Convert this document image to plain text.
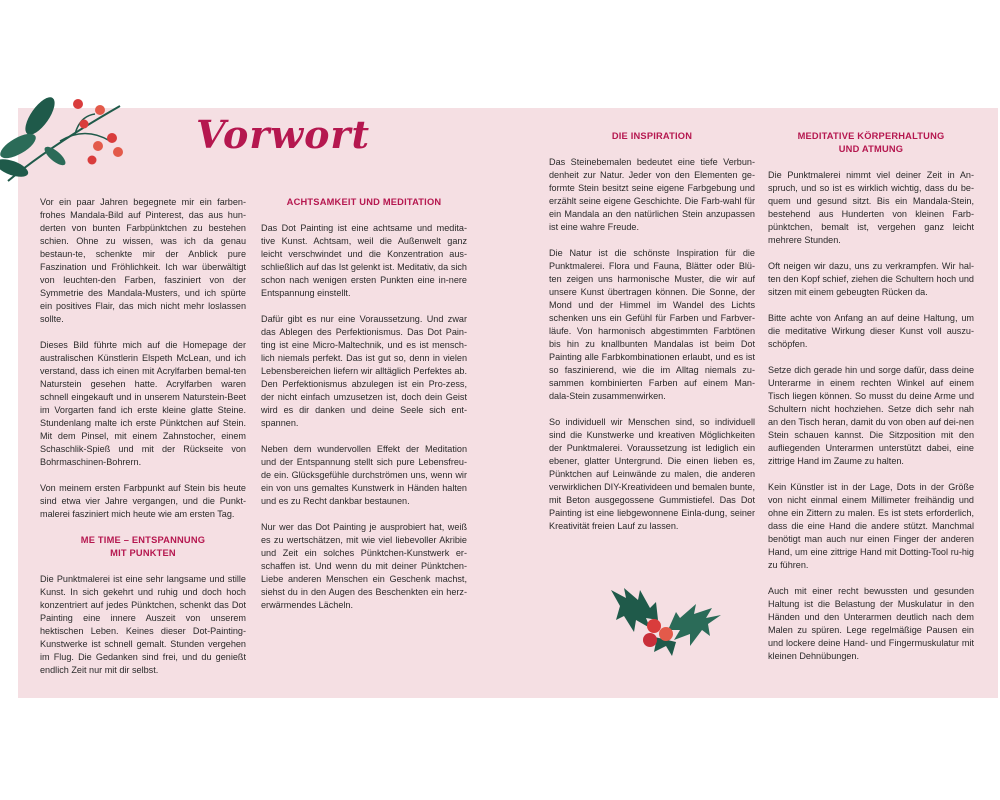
Vorwort

Vor ein paar Jahren begegnete mir ein farben-frohes Mandala-Bild auf Pinterest, das aus hun-derten von bunten Farbpünktchen zu bestehen schien. Ohne zu wissen, was ich da genau bestaun-te, schenkte mir der Anblick pure Faszination und Fröhlichkeit. Ich war überwältigt von leuchten-den Farben, fasziniert von der Symmetrie des Mandala-Musters, und ich spürte ein positives Flair, das mich nicht mehr loslassen sollte.

Dieses Bild führte mich auf die Homepage der australischen Künstlerin Elspeth McLean, und ich verstand, dass ich einen mit Acrylfarben bemal-ten Naturstein gesehen hatte. Acrylfarben waren schnell eingekauft und in unserem Naturstein-Beet im Vorgarten fand ich erste kleine glatte Steine. Stundenlang malte ich erste Pünktchen auf Stein. Mit dem Pinsel, mit einem Zahnstocher, einem Schaschlik-Spieß und mit der Rückseite von Bohrmaschinen-Bohrern.

Von meinem ersten Farbpunkt auf Stein bis heute sind etwa vier Jahre vergangen, und die Punkt-malerei fasziniert mich heute wie am ersten Tag.

ME TIME – ENTSPANNUNG MIT PUNKTEN

Die Punktmalerei ist eine sehr langsame und stille Kunst. In sich gekehrt und ruhig und doch hoch konzentriert auf jedes Pünktchen, schenkt das Dot Painting eine innere Auszeit von unserem hektischen Leben. Keines dieser Dot-Painting-Kunstwerke ist schnell gemalt. Stunden vergehen im Flug. Die Gedanken sind frei, und du genießt endlich Zeit nur mit dir selbst.

ACHTSAMKEIT UND MEDITATION

Das Dot Painting ist eine achtsame und medita-tive Kunst. Achtsam, weil die Außenwelt ganz leicht verschwindet und die Konzentration aus-schließlich auf das Ist gelenkt ist. Meditativ, da sich schon nach wenigen ersten Punkten eine in-nere Entspannung einstellt.

Dafür gibt es nur eine Voraussetzung. Und zwar das Ablegen des Perfektionismus. Das Dot Pain-ting ist eine Micro-Maltechnik, und es ist mensch-lich niemals perfekt. Das ist gut so, denn in vielen Lebensbereichen liefern wir alltäglich Perfektes ab. Den Perfektionismus abzulegen ist ein Pro-zess, der nicht einfach umzusetzen ist, doch dein Geist wird es dir danken und deine Seele sich ent-spannen.

Neben dem wundervollen Effekt der Meditation und der Entspannung stellt sich pure Lebensfreu-de ein. Glücksgefühle durchströmen uns, wenn wir ein von uns gemaltes Kunstwerk in Händen halten und es zu Recht dankbar bestaunen.

Nur wer das Dot Painting je ausprobiert hat, weiß es zu wertschätzen, mit wie viel liebevoller Akribie und Zeit ein solches Pünktchen-Kunstwerk er-schaffen ist. Und wenn du mit deiner Pünktchen-Liebe anderen Menschen ein Geschenk machst, siehst du in den Augen des Beschenkten ein herz-erwärmendes Lächeln.

DIE INSPIRATION

Das Steinebemalen bedeutet eine tiefe Verbun-denheit zur Natur. Jeder von den Elementen ge-formte Stein besitzt seine eigene Farbgebung und erzählt seine eigene Geschichte. Die Farb-wahl für ein Mandala an den natürlichen Stein anzupassen ist eine wahre Freude.

Die Natur ist die schönste Inspiration für die Punktmalerei. Flora und Fauna, Blätter oder Blü-ten zeigen uns harmonische Muster, die wir auf unsere Kunst übertragen können. Die Sonne, der Mond und der Himmel im Wandel des Lichts schenken uns ein Gefühl für Farben und Farbver-läufe. Von harmonisch abgestimmten Farbtönen bis hin zu knallbunten Mandalas ist beim Dot Painting alle Farbkombinationen erlaubt, und es ist so faszinierend, wie die im Alltag niemals zu-sammen kombinierten Farben auf einem Man-dala-Stein zusammenwirken.

So individuell wir Menschen sind, so individuell sind die Kunstwerke und kreativen Möglichkeiten der Punktmalerei. Voraussetzung ist lediglich ein ebener, glatter Untergrund. Die einen lieben es, Pünktchen auf Leinwände zu malen, die anderen verwirklichen DIY-Kreativideen und bemalen bunte, mit Beton ausgegossene Gummistiefel. Das Dot Painting ist eine liebgewonnene Einla-dung, seiner Kreativität freien Lauf zu lassen.

MEDITATIVE KÖRPERHALTUNG UND ATMUNG

Die Punktmalerei nimmt viel deiner Zeit in An-spruch, und so ist es wirklich wichtig, dass du be-quem und gesund sitzt. Bis ein Mandala-Stein, bestehend aus Hunderten von kleinen Farb-pünktchen, bemalt ist, vergehen ganz leicht mehrere Stunden.

Oft neigen wir dazu, uns zu verkrampfen. Wir hal-ten den Kopf schief, ziehen die Schultern hoch und sitzen mit einem gebeugten Rücken da.

Bitte achte von Anfang an auf deine Haltung, um die meditative Wirkung dieser Kunst voll auszu-schöpfen.

Setze dich gerade hin und sorge dafür, dass deine Unterarme in einem rechten Winkel auf einem Tisch liegen können. So musst du deine Arme und Schultern nicht hochziehen. Setze dich sehr nah an den Tisch heran, damit du von oben auf dei-nen Stein schauen kannst. Die Sitzposition mit den aufliegenden Unterarmen unterstützt dabei, eine zittrige Hand im Zaume zu halten.

Kein Künstler ist in der Lage, Dots in der Größe von nicht einmal einem Millimeter freihändig und ohne ein Zittern zu malen. Es ist stets erforderlich, dass die eine Hand die andere stützt. Manchmal benötigt man auch nur einen Finger der anderen Hand, um eine zittrige Hand mit Dotting-Tool ru-hig zu führen.

Auch mit einer recht bewussten und gesunden Haltung ist die Belastung der Muskulatur in den Händen und den Unterarmen deutlich nach dem Malen zu spüren. Lege regelmäßige Pausen ein und lockere deine Hand- und Fingermuskulatur mit kleinen Dehnübungen.
